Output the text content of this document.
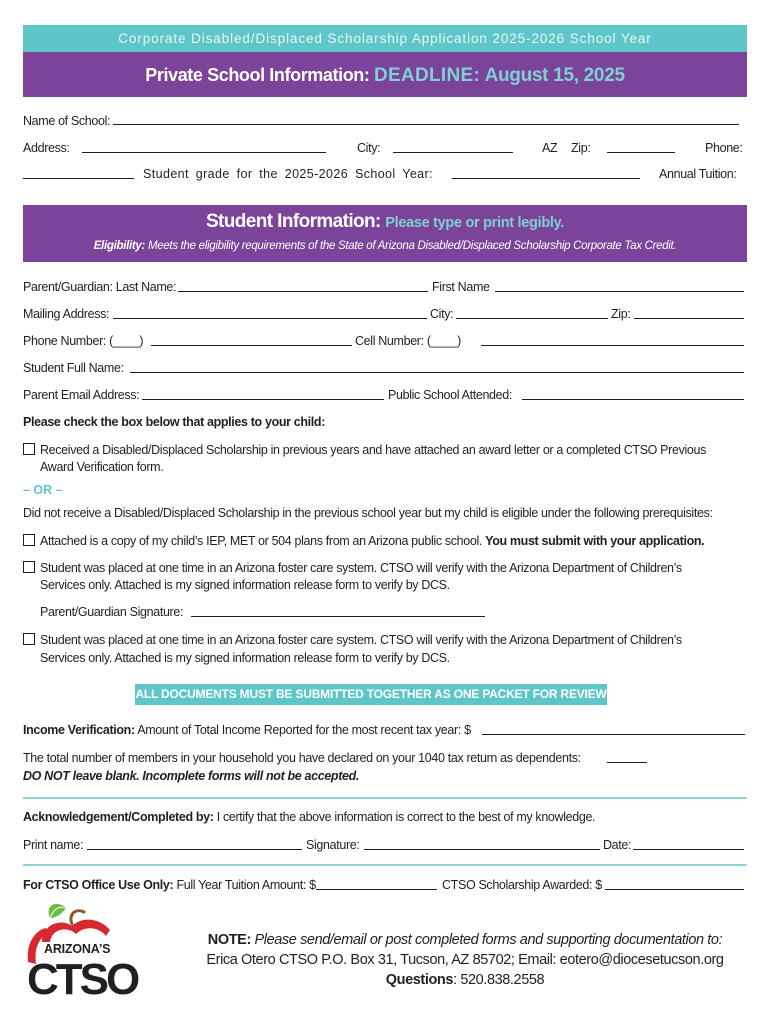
Corporate Disabled/Displaced Scholarship Application 2025-2026 School Year
Private School Information: DEADLINE: August 15, 2025
Name of School:
Address:	City:	AZ Zip:	Phone:
Student grade for the 2025-2026 School Year:	Annual Tuition:
Student Information: Please type or print legibly.
Eligibility: Meets the eligibility requirements of the State of Arizona Disabled/Displaced Scholarship Corporate Tax Credit.
Parent/Guardian: Last Name:	First Name
Mailing Address:	City:	Zip:
Phone Number: (____)	Cell Number: (____)
Student Full Name:
Parent Email Address:	Public School Attended:
Please check the box below that applies to your child:
Received a Disabled/Displaced Scholarship in previous years and have attached an award letter or a completed CTSO Previous
Award Verification form.
– OR –
Did not receive a Disabled/Displaced Scholarship in the previous school year but my child is eligible under the following prerequisites:
Attached is a copy of my child’s IEP, MET or 504 plans from an Arizona public school. You must submit with your application.
Student was placed at one time in an Arizona foster care system. CTSO will verify with the Arizona Department of Children’s
Services only. Attached is my signed information release form to verify by DCS.
Parent/Guardian Signature:
Student was placed at one time in an Arizona foster care system. CTSO will verify with the Arizona Department of Children’s
Services only. Attached is my signed information release form to verify by DCS.
ALL DOCUMENTS MUST BE SUBMITTED TOGETHER AS ONE PACKET FOR REVIEW
Income Verification: Amount of Total Income Reported for the most recent tax year: $
The total number of members in your household you have declared on your 1040 tax return as dependents:
DO NOT leave blank. Incomplete forms will not be accepted.
Acknowledgement/Completed by: I certify that the above information is correct to the best of my knowledge.
Print name:	Signature:	Date:
For CTSO Office Use Only: Full Year Tuition Amount: $	CTSO Scholarship Awarded: $
ARIZONA’S
CTSO
NOTE: Please send/email or post completed forms and supporting documentation to:
Erica Otero CTSO P.O. Box 31, Tucson, AZ 85702; Email: eotero@diocesetucson.org
Questions: 520.838.2558
